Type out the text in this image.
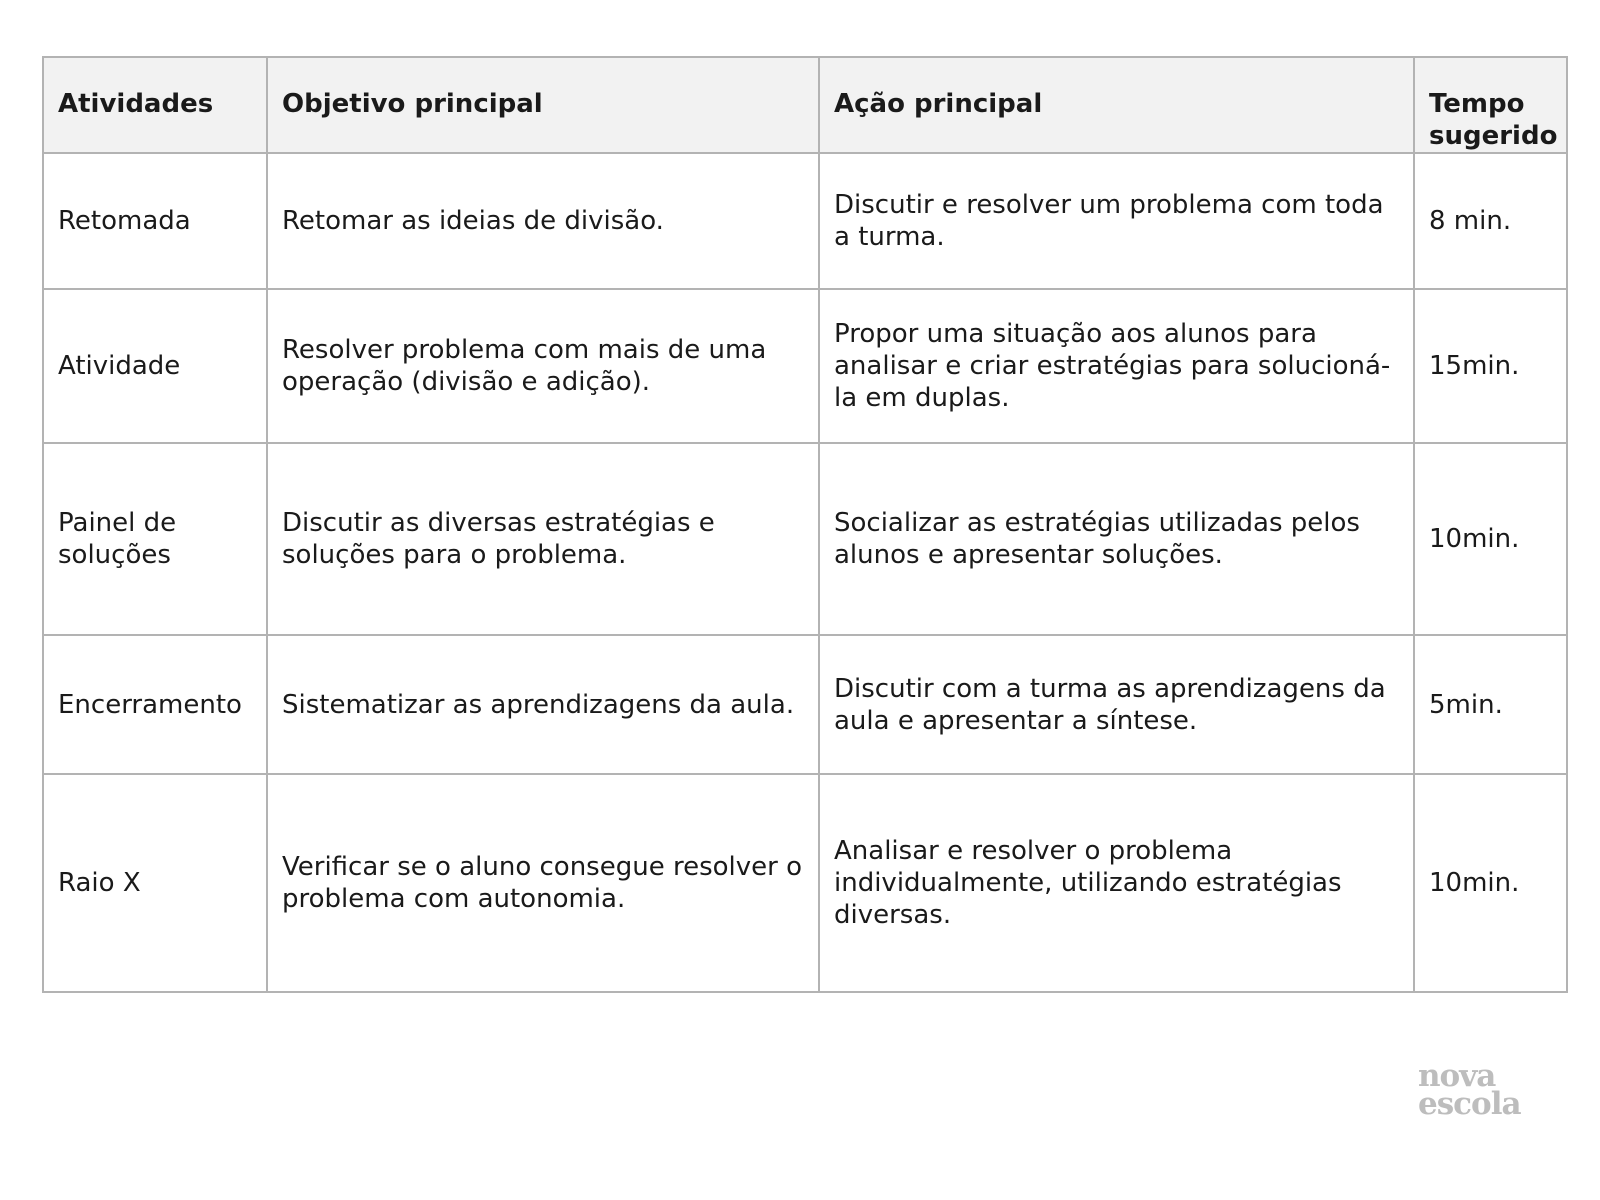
Atividades	Objetivo principal	Ação principal	Tempo sugerido
Retomada	Retomar as ideias de divisão.	Discutir e resolver um problema com toda a turma.	8 min.
Atividade	Resolver problema com mais de uma operação (divisão e adição).	Propor uma situação aos alunos para analisar e criar estratégias para solucioná-la em duplas.	15min.
Painel de soluções	Discutir as diversas estratégias e soluções para o problema.	Socializar as estratégias utilizadas pelos alunos e apresentar soluções.	10min.
Encerramento	Sistematizar as aprendizagens da aula.	Discutir com a turma as aprendizagens da aula e apresentar a síntese.	5min.
Raio X	Verificar se o aluno consegue resolver o problema com autonomia.	Analisar e resolver o problema individualmente, utilizando estratégias diversas.	10min.
nova
escola
